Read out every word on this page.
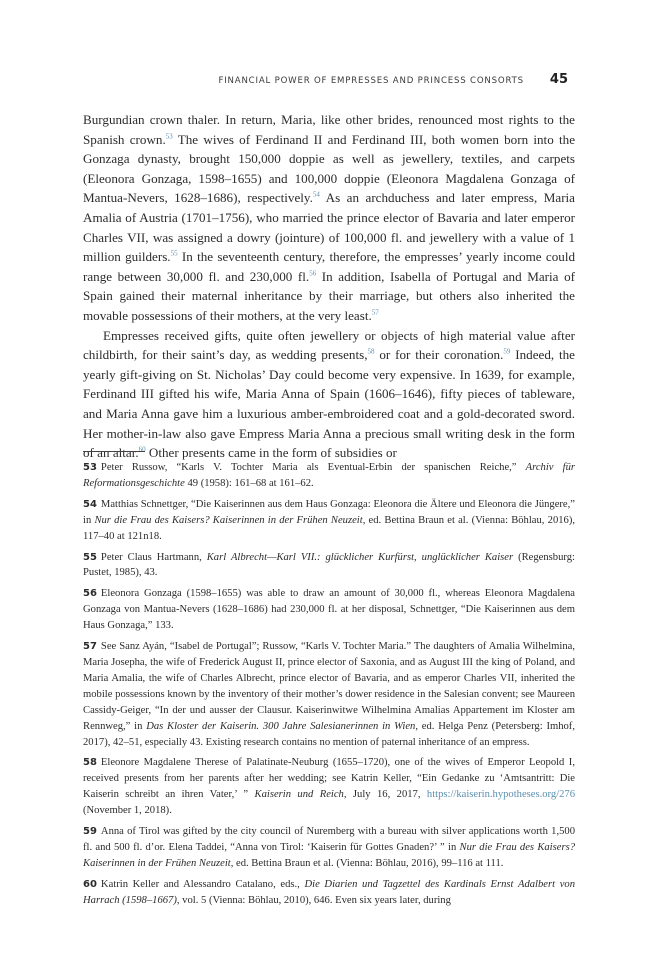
FINANCIAL POWER OF EMPRESSES AND PRINCESS CONSORTS 45

Burgundian crown thaler. In return, Maria, like other brides, renounced most rights to the Spanish crown.$^{53}$ The wives of Ferdinand II and Ferdinand III, both women born into the Gonzaga dynasty, brought 150,000 doppie as well as jewellery, textiles, and carpets (Eleonora Gonzaga, 1598–1655) and 100,000 doppie (Eleonora Magdalena Gonzaga of Mantua-Nevers, 1628–1686), respectively.$^{54}$ As an archduchess and later empress, Maria Amalia of Austria (1701–1756), who married the prince elector of Bavaria and later emperor Charles VII, was assigned a dowry (jointure) of 100,000 fl. and jewellery with a value of 1 million guilders.$^{55}$ In the seventeenth century, therefore, the empresses’ yearly income could range between 30,000 fl. and 230,000 fl.$^{56}$ In addition, Isabella of Portugal and Maria of Spain gained their maternal inheritance by their marriage, but others also inherited the movable possessions of their mothers, at the very least.$^{57}$

Empresses received gifts, quite often jewellery or objects of high material value after childbirth, for their saint’s day, as wedding presents,$^{58}$ or for their coronation.$^{59}$ Indeed, the yearly gift-giving on St. Nicholas’ Day could become very expensive. In 1639, for example, Ferdinand III gifted his wife, Maria Anna of Spain (1606–1646), fifty pieces of tableware, and Maria Anna gave him a luxurious amber-embroidered coat and a gold-decorated sword. Her mother-in-law also gave Empress Maria Anna a precious small writing desk in the form of an altar.$^{60}$ Other presents came in the form of subsidies or

53 Peter Russow, “Karls V. Tochter Maria als Eventual-Erbin der spanischen Reiche,” Archiv für Reformationsgeschichte 49 (1958): 161–68 at 161–62.

54 Matthias Schnettger, “Die Kaiserinnen aus dem Haus Gonzaga: Eleonora die Ältere und Eleonora die Jüngere,” in Nur die Frau des Kaisers? Kaiserinnen in der Frühen Neuzeit, ed. Bettina Braun et al. (Vienna: Böhlau, 2016), 117–40 at 121n18.

55 Peter Claus Hartmann, Karl Albrecht—Karl VII.: glücklicher Kurfürst, unglücklicher Kaiser (Regensburg: Pustet, 1985), 43.

56 Eleonora Gonzaga (1598–1655) was able to draw an amount of 30,000 fl., whereas Eleonora Magdalena Gonzaga von Mantua-Nevers (1628–1686) had 230,000 fl. at her disposal, Schnettger, “Die Kaiserinnen aus dem Haus Gonzaga,” 133.

57 See Sanz Ayán, “Isabel de Portugal”; Russow, “Karls V. Tochter Maria.” The daughters of Amalia Wilhelmina, Maria Josepha, the wife of Frederick August II, prince elector of Saxonia, and as August III the king of Poland, and Maria Amalia, the wife of Charles Albrecht, prince elector of Bavaria, and as emperor Charles VII, inherited the mobile possessions known by the inventory of their mother’s dower residence in the Salesian convent; see Maureen Cassidy-Geiger, “In der und ausser der Clausur. Kaiserinwitwe Wilhelmina Amalias Appartement im Kloster am Rennweg,” in Das Kloster der Kaiserin. 300 Jahre Salesianerinnen in Wien, ed. Helga Penz (Petersberg: Imhof, 2017), 42–51, especially 43. Existing research contains no mention of paternal inheritance of an empress.

58 Eleonore Magdalene Therese of Palatinate-Neuburg (1655–1720), one of the wives of Emperor Leopold I, received presents from her parents after her wedding; see Katrin Keller, “Ein Gedanke zu ‘Amtsantritt: Die Kaiserin schreibt an ihren Vater,’ ” Kaiserin und Reich, July 16, 2017, https://kaiserin.hypotheses.org/276 (November 1, 2018).

59 Anna of Tirol was gifted by the city council of Nuremberg with a bureau with silver applications worth 1,500 fl. and 500 fl. d’or. Elena Taddei, “Anna von Tirol: ‘Kaiserin für Gottes Gnaden?’ ” in Nur die Frau des Kaisers? Kaiserinnen in der Frühen Neuzeit, ed. Bettina Braun et al. (Vienna: Böhlau, 2016), 99–116 at 111.

60 Katrin Keller and Alessandro Catalano, eds., Die Diarien und Tagzettel des Kardinals Ernst Adalbert von Harrach (1598–1667), vol. 5 (Vienna: Böhlau, 2010), 646. Even six years later, during
